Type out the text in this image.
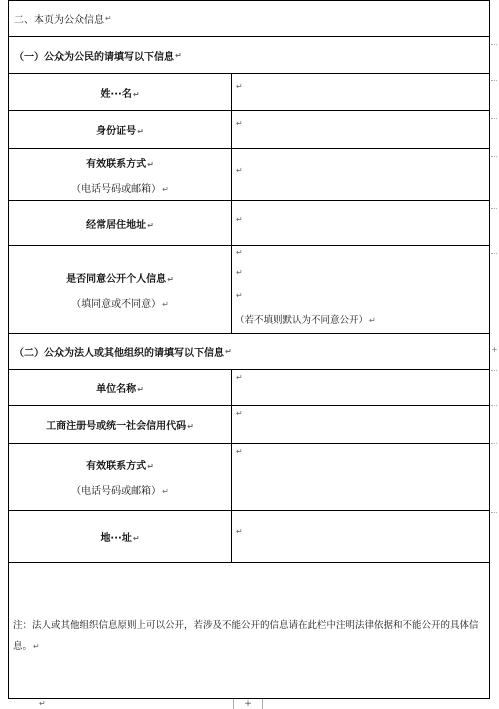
二、本页为公众信息 ↵
（一）公众为公民的请填写以下信息 ↵
姓···名↵
↵
身份证号↵
↵
有效联系方式↵
（电话号码或邮箱）↵
↵
经常居住地址↵
↵
是否同意公开个人信息↵
（填同意或不同意）↵
↵
↵
↵
（若不填则默认为不同意公开）↵
（二）公众为法人或其他组织的请填写以下信息 ↵
单位名称↵
↵
工商注册号或统一社会信用代码↵
↵
有效联系方式↵
（电话号码或邮箱）↵
↵
地···址↵
↵
注：法人或其他组织信息原则上可以公开，若涉及不能公开的信息请在此栏中注明法律依据和不能公开的具体信息。↵
+
+
↵
